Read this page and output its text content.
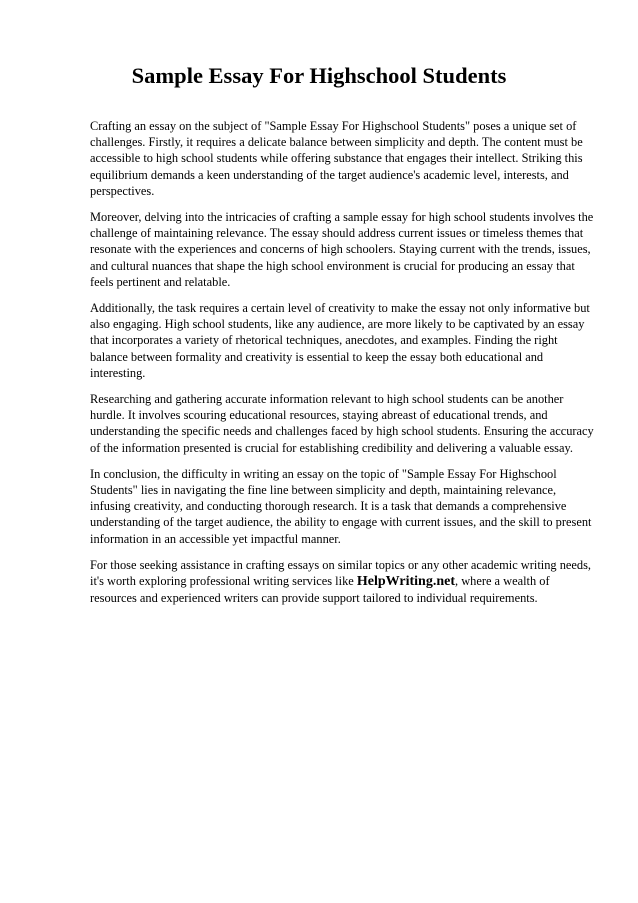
Sample Essay For Highschool Students

Crafting an essay on the subject of "Sample Essay For Highschool Students" poses a unique set of challenges. Firstly, it requires a delicate balance between simplicity and depth. The content must be accessible to high school students while offering substance that engages their intellect. Striking this equilibrium demands a keen understanding of the target audience's academic level, interests, and perspectives.

Moreover, delving into the intricacies of crafting a sample essay for high school students involves the challenge of maintaining relevance. The essay should address current issues or timeless themes that resonate with the experiences and concerns of high schoolers. Staying current with the trends, issues, and cultural nuances that shape the high school environment is crucial for producing an essay that feels pertinent and relatable.

Additionally, the task requires a certain level of creativity to make the essay not only informative but also engaging. High school students, like any audience, are more likely to be captivated by an essay that incorporates a variety of rhetorical techniques, anecdotes, and examples. Finding the right balance between formality and creativity is essential to keep the essay both educational and interesting.

Researching and gathering accurate information relevant to high school students can be another hurdle. It involves scouring educational resources, staying abreast of educational trends, and understanding the specific needs and challenges faced by high school students. Ensuring the accuracy of the information presented is crucial for establishing credibility and delivering a valuable essay.

In conclusion, the difficulty in writing an essay on the topic of "Sample Essay For Highschool Students" lies in navigating the fine line between simplicity and depth, maintaining relevance, infusing creativity, and conducting thorough research. It is a task that demands a comprehensive understanding of the target audience, the ability to engage with current issues, and the skill to present information in an accessible yet impactful manner.

For those seeking assistance in crafting essays on similar topics or any other academic writing needs, it's worth exploring professional writing services like HelpWriting.net, where a wealth of resources and experienced writers can provide support tailored to individual requirements.
